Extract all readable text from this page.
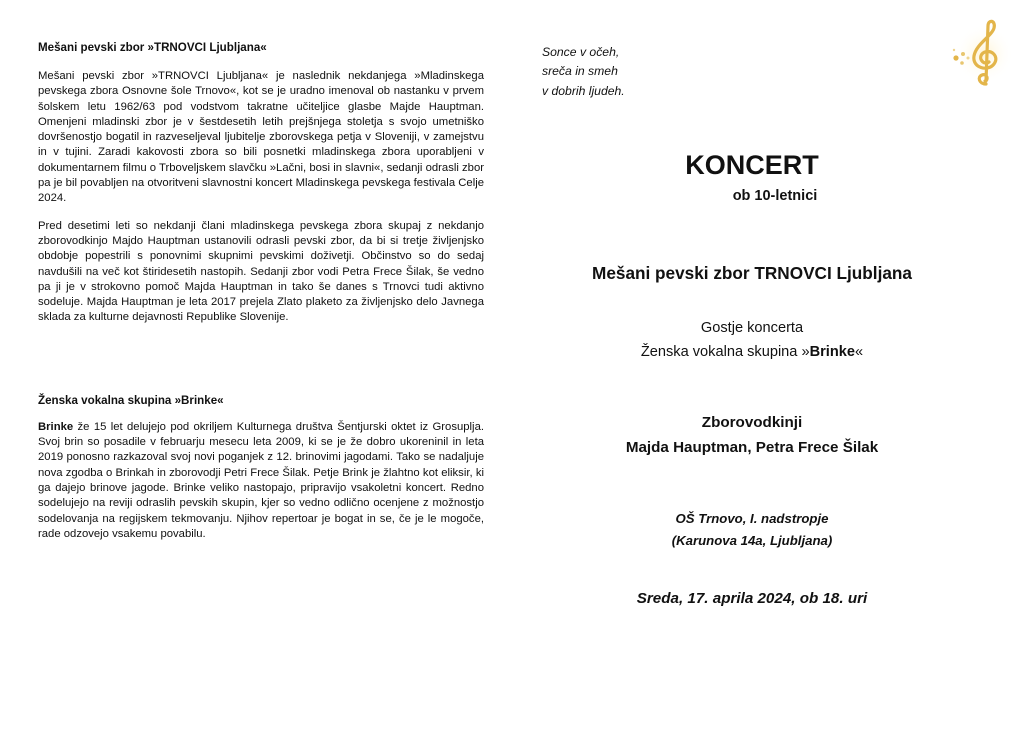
Mešani pevski zbor »TRNOVCI Ljubljana«

Mešani pevski zbor »TRNOVCI Ljubljana« je naslednik nekdanjega »Mladinskega pevskega zbora Osnovne šole Trnovo«, kot se je uradno imenoval ob nastanku v prvem šolskem letu 1962/63 pod vodstvom takratne učiteljice glasbe Majde Hauptman. Omenjeni mladinski zbor je v šestdesetih letih prejšnjega stoletja s svojo umetniško dovršenostjo bogatil in razveseljeval ljubitelje zborovskega petja v Sloveniji, v zamejstvu in v tujini. Zaradi kakovosti zbora so bili posnetki mladinskega zbora uporabljeni v dokumentarnem filmu o Trboveljskem slavčku »Lačni, bosi in slavni«, sedanji odrasli zbor pa je bil povabljen na otvoritveni slavnostni koncert Mladinskega pevskega festivala Celje 2024.

Pred desetimi leti so nekdanji člani mladinskega pevskega zbora skupaj z nekdanjo zborovodkinjo Majdo Hauptman ustanovili odrasli pevski zbor, da bi si tretje življenjsko obdobje popestrili s ponovnimi skupnimi pevskimi doživetji. Občinstvo so do sedaj navdušili na več kot štiridesetih nastopih. Sedanji zbor vodi Petra Frece Šilak, še vedno pa ji je v strokovno pomoč Majda Hauptman in tako še danes s Trnovci tudi aktivno sodeluje. Majda Hauptman je leta 2017 prejela Zlato plaketo za življenjsko delo Javnega sklada za kulturne dejavnosti Republike Slovenije.

Ženska vokalna skupina »Brinke«

Brinke že 15 let delujejo pod okriljem Kulturnega društva Šentjurski oktet iz Grosuplja. Svoj brin so posadile v februarju mesecu leta 2009, ki se je že dobro ukoreninil in leta 2019 ponosno razkazoval svoj novi poganjek z 12. brinovimi jagodami. Tako se nadaljuje nova zgodba o Brinkah in zborovodji Petri Frece Šilak. Petje Brink je žlahtno kot eliksir, ki ga dajejo brinove jagode. Brinke veliko nastopajo, pripravijo vsakoletni koncert. Redno sodelujejo na reviji odraslih pevskih skupin, kjer so vedno odlično ocenjene z možnostjo sodelovanja na regijskem tekmovanju. Njihov repertoar je bogat in se, če je le mogoče, rade odzovejo vsakemu povabilu.

Sonce v očeh,
sreča in smeh
v dobrih ljudeh.
KONCERT
ob 10-letnici
Mešani pevski zbor TRNOVCI Ljubljana
Gostje koncerta
Ženska vokalna skupina »Brinke«
Zborovodkinji
Majda Hauptman, Petra Frece Šilak
OŠ Trnovo, I. nadstropje
(Karunova 14a, Ljubljana)
Sreda, 17. aprila 2024, ob 18. uri
